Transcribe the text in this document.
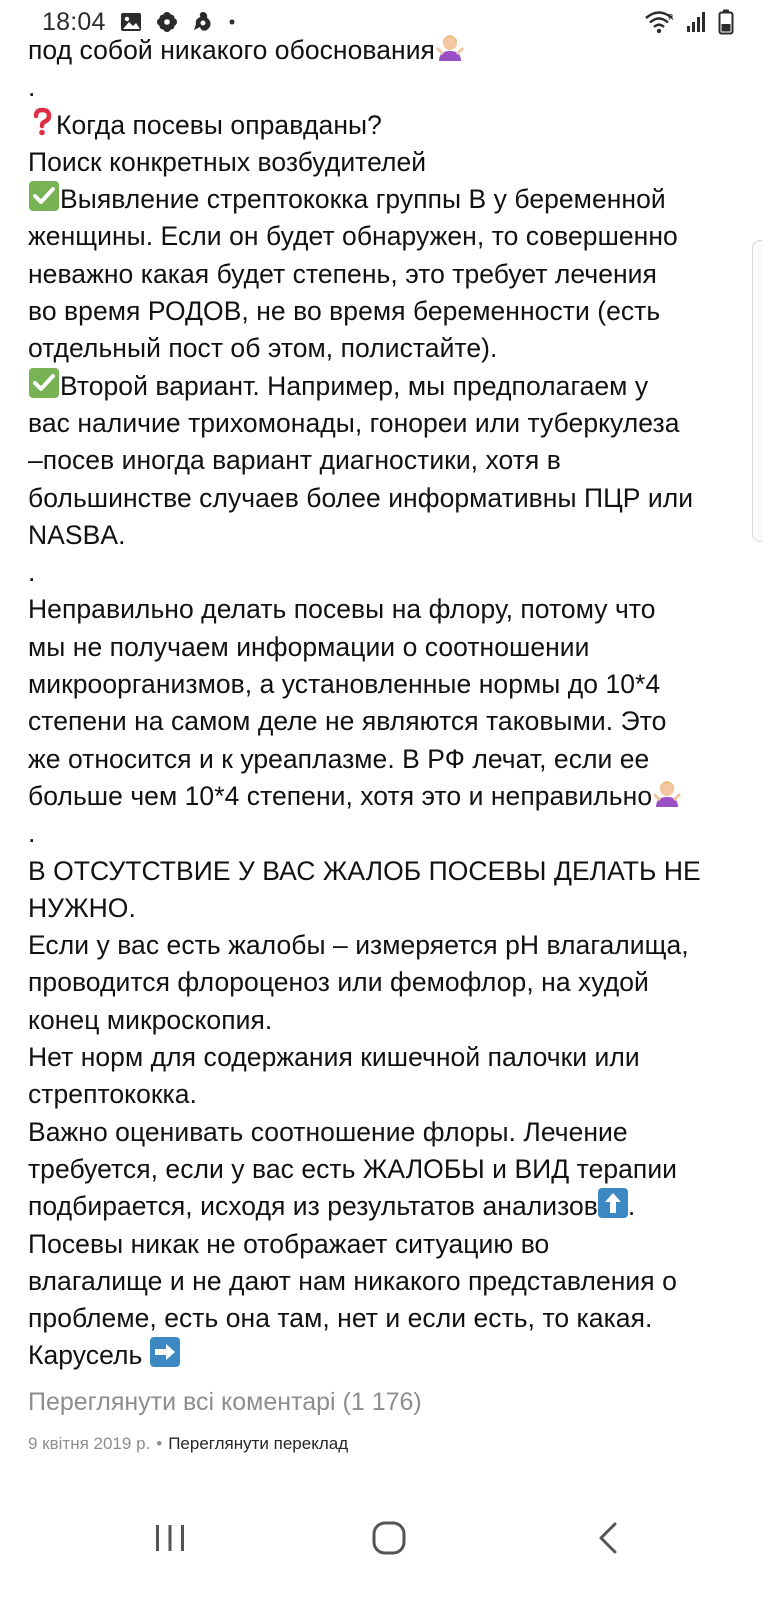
18:04	R
под собой никакого обоснования
.
Когда посевы оправданы?
Поиск конкретных возбудителей
Выявление стрептококка группы В у беременной
женщины. Если он будет обнаружен, то совершенно
неважно какая будет степень, это требует лечения
во время РОДОВ, не во время беременности (есть
отдельный пост об этом, полистайте).
Второй вариант. Например, мы предполагаем у
вас наличие трихомонады, гонореи или туберкулеза
–посев иногда вариант диагностики, хотя в
большинстве случаев более информативны ПЦР или
NASBA.
.
Неправильно делать посевы на флору, потому что
мы не получаем информации о соотношении
микроорганизмов, а установленные нормы до 10*4
степени на самом деле не являются таковыми. Это
же относится и к уреаплазме. В РФ лечат, если ее
больше чем 10*4 степени, хотя это и неправильно
.
В ОТСУТСТВИЕ У ВАС ЖАЛОБ ПОСЕВЫ ДЕЛАТЬ НЕ
НУЖНО.
Если у вас есть жалобы – измеряется pH влагалища,
проводится флороценоз или фемофлор, на худой
конец микроскопия.
Нет норм для содержания кишечной палочки или
стрептококка.
Важно оценивать соотношение флоры. Лечение
требуется, если у вас есть ЖАЛОБЫ и ВИД терапии
подбирается, исходя из результатов анализов .
Посевы никак не отображает ситуацию во
влагалище и не дают нам никакого представления о
проблеме, есть она там, нет и если есть, то какая.
Карусель
Переглянути всі коментарі (1 176)
9 квітня 2019 р. • Переглянути переклад
